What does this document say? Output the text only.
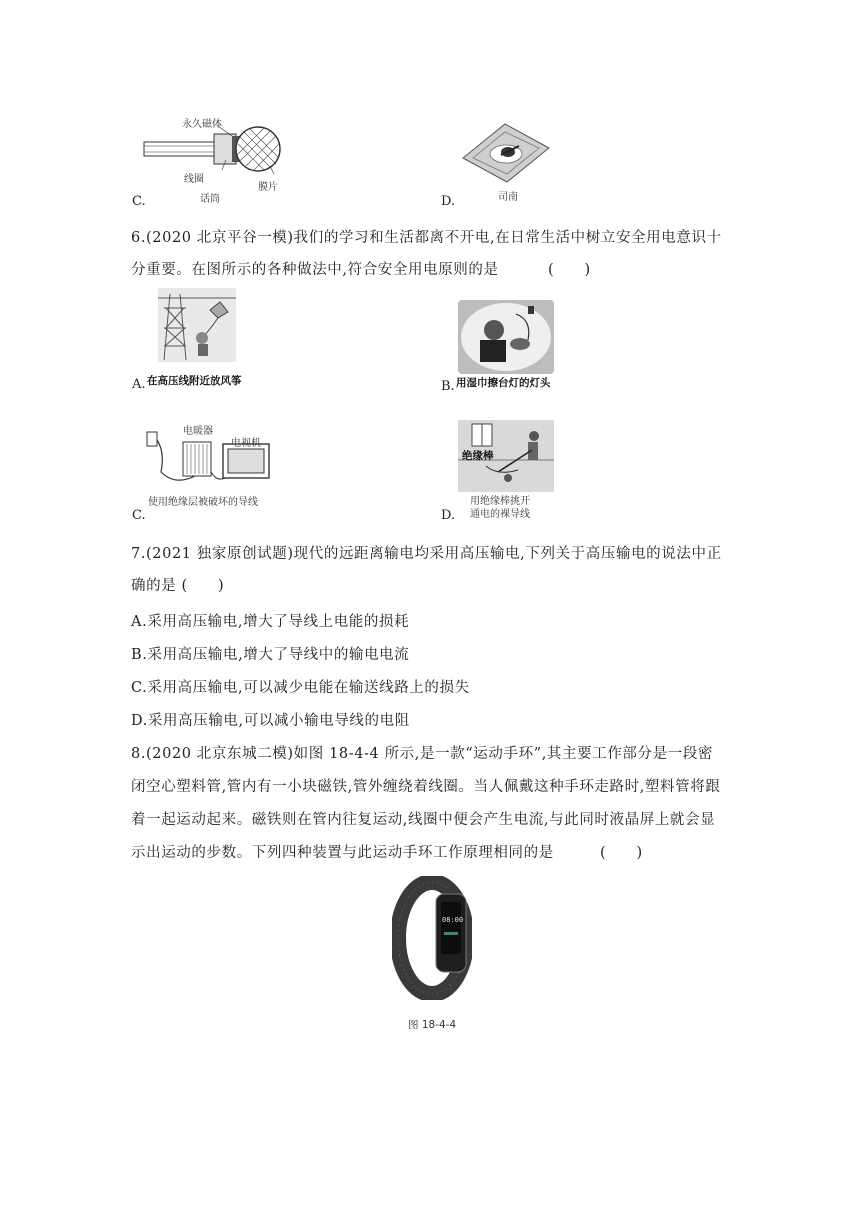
永久磁体
线圈
膜片
话筒
C.	司南
D.
6.(2020 北京平谷一模)我们的学习和生活都离不开电,在日常生活中树立安全用电意识十
分重要。在图所示的各种做法中,符合安全用电原则的是	(　　)
A. 在高压线附近放风筝	B. 用湿巾擦台灯的灯头
电暖器
电视机
C.
使用绝缘层被破坏的导线
绝缘棒
D.
用绝缘棒挑开
通电的裸导线
7.(2021 独家原创试题)现代的远距离输电均采用高压输电,下列关于高压输电的说法中正
确的是 (　　)
A.采用高压输电,增大了导线上电能的损耗
B.采用高压输电,增大了导线中的输电电流
C.采用高压输电,可以减少电能在输送线路上的损失
D.采用高压输电,可以减小输电导线的电阻
8.(2020 北京东城二模)如图 18-4-4 所示,是一款“运动手环”,其主要工作部分是一段密
闭空心塑料管,管内有一小块磁铁,管外缠绕着线圈。当人佩戴这种手环走路时,塑料管将跟
着一起运动起来。磁铁则在管内往复运动,线圈中便会产生电流,与此同时液晶屏上就会显
示出运动的步数。下列四种装置与此运动手环工作原理相同的是	(　　)
08:00
图 18-4-4
